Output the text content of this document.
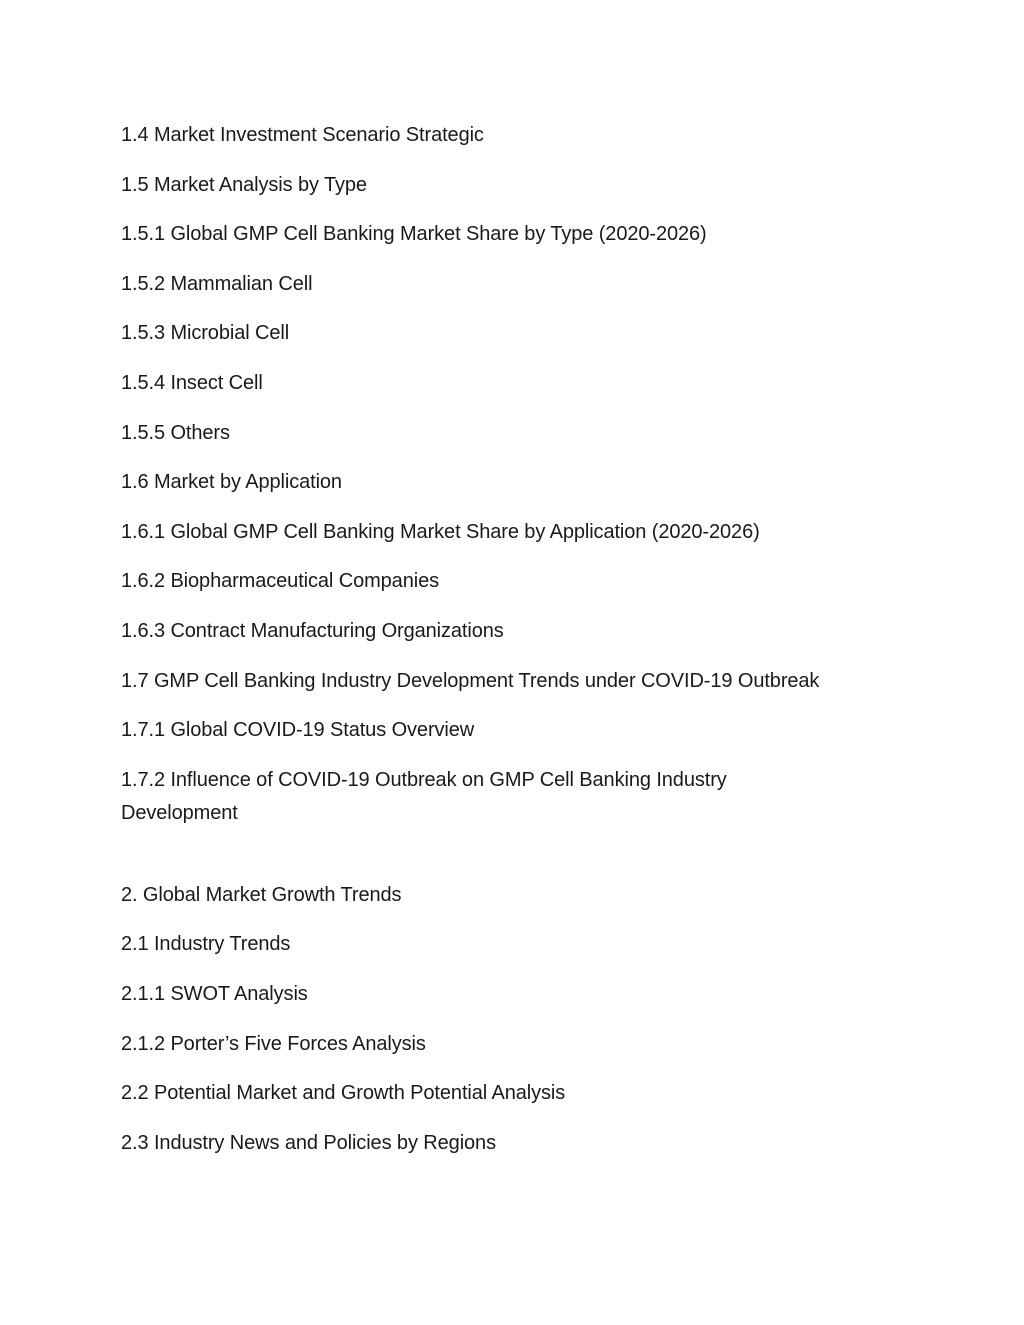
1.4 Market Investment Scenario Strategic
1.5 Market Analysis by Type
1.5.1 Global GMP Cell Banking Market Share by Type (2020-2026)
1.5.2 Mammalian Cell
1.5.3 Microbial Cell
1.5.4 Insect Cell
1.5.5 Others
1.6 Market by Application
1.6.1 Global GMP Cell Banking Market Share by Application (2020-2026)
1.6.2 Biopharmaceutical Companies
1.6.3 Contract Manufacturing Organizations
1.7 GMP Cell Banking Industry Development Trends under COVID-19 Outbreak
1.7.1 Global COVID-19 Status Overview
1.7.2 Influence of COVID-19 Outbreak on GMP Cell Banking Industry Development
2. Global Market Growth Trends
2.1 Industry Trends
2.1.1 SWOT Analysis
2.1.2 Porter’s Five Forces Analysis
2.2 Potential Market and Growth Potential Analysis
2.3 Industry News and Policies by Regions
